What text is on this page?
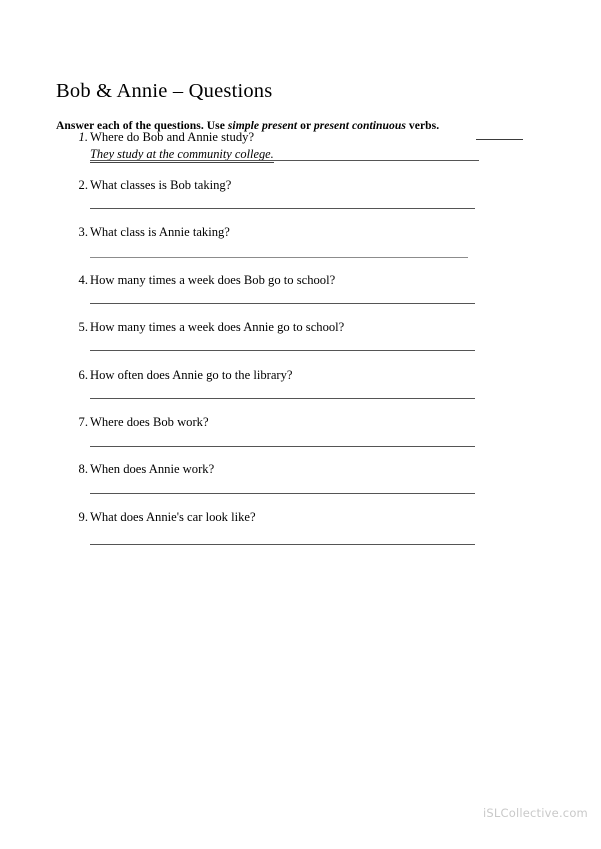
Bob & Annie – Questions

Answer each of the questions. Use simple present or present continuous verbs.

1. Where do Bob and Annie study?
They study at the community college.
2. What classes is Bob taking?
3. What class is Annie taking?
4. How many times a week does Bob go to school?
5. How many times a week does Annie go to school?
6. How often does Annie go to the library?
7. Where does Bob work?
8. When does Annie work?
9. What does Annie's car look like?
iSLCollective.com
